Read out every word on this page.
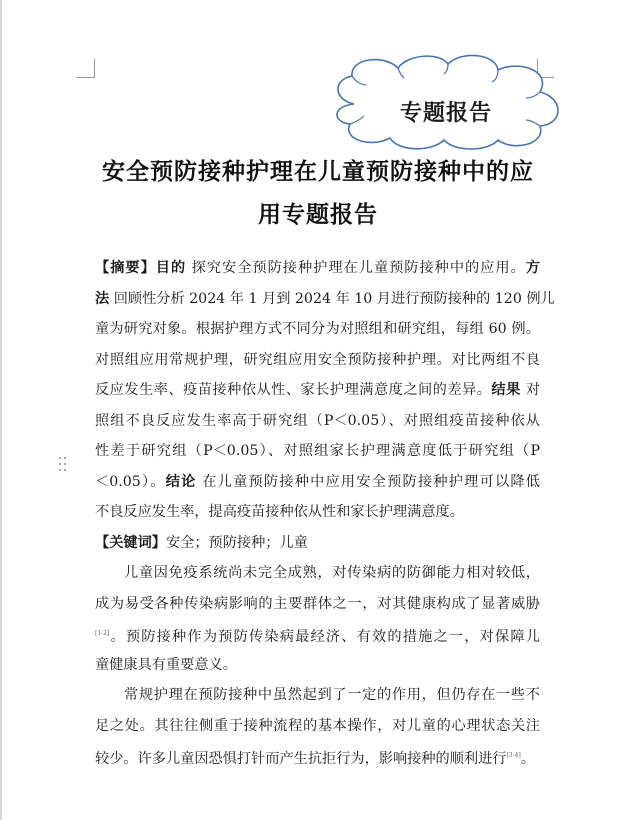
专题报告
安全预防接种护理在儿童预防接种中的应
用专题报告
【摘要】目的 探究安全预防接种护理在儿童预防接种中的应用。方
法 回顾性分析 2024 年 1 月到 2024 年 10 月进行预防接种的 120 例儿
童为研究对象。根据护理方式不同分为对照组和研究组，每组 60 例。
对照组应用常规护理，研究组应用安全预防接种护理。对比两组不良
反应发生率、疫苗接种依从性、家长护理满意度之间的差异。结果 对
照组不良反应发生率高于研究组（P＜0.05）、对照组疫苗接种依从
性差于研究组（P＜0.05）、对照组家长护理满意度低于研究组（P
＜0.05）。结论 在儿童预防接种中应用安全预防接种护理可以降低
不良反应发生率，提高疫苗接种依从性和家长护理满意度。
【关键词】安全；预防接种；儿童
儿童因免疫系统尚未完全成熟，对传染病的防御能力相对较低，
成为易受各种传染病影响的主要群体之一，对其健康构成了显著威胁
[1-2]。预防接种作为预防传染病最经济、有效的措施之一，对保障儿
童健康具有重要意义。
常规护理在预防接种中虽然起到了一定的作用，但仍存在一些不
足之处。其往往侧重于接种流程的基本操作，对儿童的心理状态关注
较少。许多儿童因恐惧打针而产生抗拒行为，影响接种的顺利进行[3-4]。
